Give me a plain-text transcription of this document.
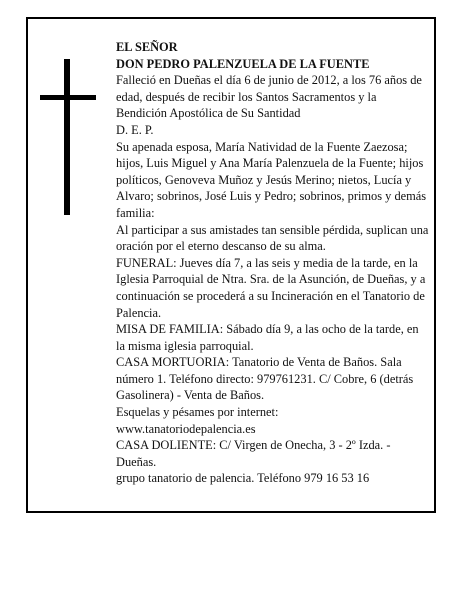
EL SEÑOR

DON PEDRO PALENZUELA DE LA FUENTE

Falleció en Dueñas el día 6 de junio de 2012, a los 76 años de edad, después de recibir los Santos Sacramentos y la Bendición Apostólica de Su Santidad

D. E. P.

Su apenada esposa, María Natividad de la Fuente Zaezosa; hijos, Luis Miguel y Ana María Palenzuela de la Fuente; hijos políticos, Genoveva Muñoz y Jesús Merino; nietos, Lucía y Alvaro; sobrinos, José Luis y Pedro; sobrinos, primos y demás familia:

Al participar a sus amistades tan sensible pérdida, suplican una oración por el eterno descanso de su alma.

FUNERAL: Jueves día 7, a las seis y media de la tarde, en la Iglesia Parroquial de Ntra. Sra. de la Asunción, de Dueñas, y a continuación se procederá a su Incineración en el Tanatorio de Palencia.

MISA DE FAMILIA: Sábado día 9, a las ocho de la tarde, en la misma iglesia parroquial.

CASA MORTUORIA: Tanatorio de Venta de Baños. Sala número 1. Teléfono directo: 979761231. C/ Cobre, 6 (detrás Gasolinera) - Venta de Baños.

Esquelas y pésames por internet:

www.tanatoriodepalencia.es

CASA DOLIENTE: C/ Virgen de Onecha, 3 - 2º Izda. - Dueñas.

grupo tanatorio de palencia. Teléfono 979 16 53 16
